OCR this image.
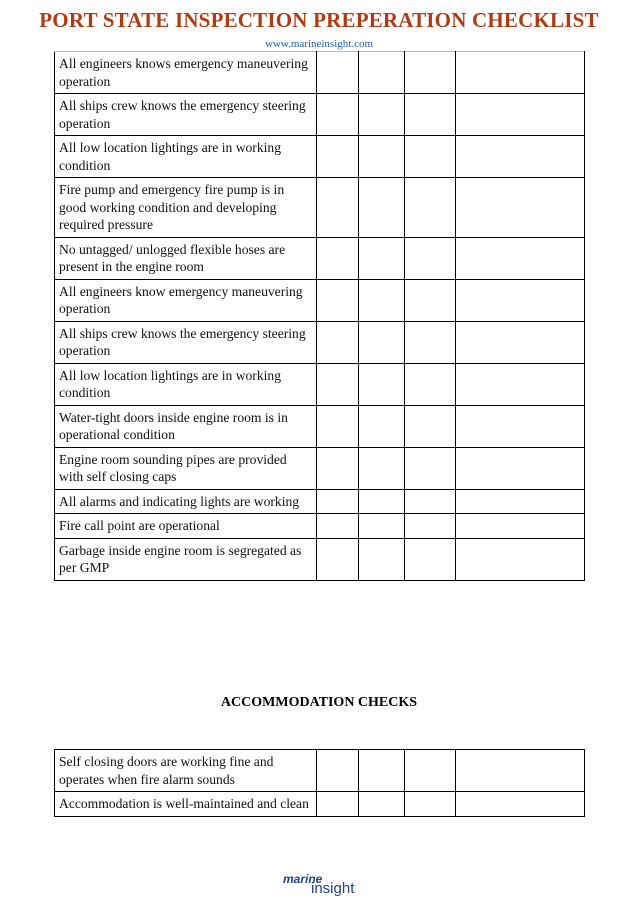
PORT STATE INSPECTION PREPERATION CHECKLIST
www.marineinsight.com
All engineers knows emergency maneuvering operation				
All ships crew knows the emergency steering operation				
All low location lightings are in working condition				
Fire pump and emergency fire pump is in good working condition and developing required pressure				
No untagged/ unlogged flexible hoses are present in the engine room				
All engineers know emergency maneuvering operation				
All ships crew knows the emergency steering operation				
All low location lightings are in working condition				
Water-tight doors inside engine room is in operational condition				
Engine room sounding pipes are provided with self closing caps				
All alarms and indicating lights are working				
Fire call point are operational				
Garbage inside engine room is segregated as per GMP				
ACCOMMODATION CHECKS
Self closing doors are working fine and operates when fire alarm sounds				
Accommodation is well-maintained and clean				
marine
insight
